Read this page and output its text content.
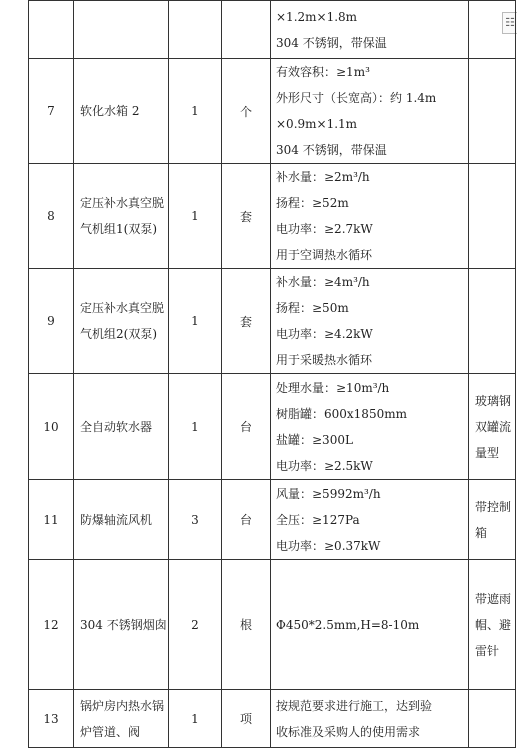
☷

				×1.2m×1.8m
304 不锈钢，带保温	

7	软化水箱 2	1	个	有效容积：≥1m³
外形尺寸（长宽高）：约 1.4m
×0.9m×1.1m
304 不锈钢，带保温	

8	定压补水真空脱气机组1(双泵)	1	套	补水量：≥2m³/h
扬程：≥52m
电功率：≥2.7kW
用于空调热水循环	

9	定压补水真空脱气机组2(双泵)	1	套	补水量：≥4m³/h
扬程：≥50m
电功率：≥4.2kW
用于采暖热水循环	

10	全自动软水器	1	台	处理水量：≥10m³/h
树脂罐：600x1850mm
盐罐：≥300L
电功率：≥2.5kW	玻璃钢双罐流量型
11	防爆轴流风机	3	台	风量：≥5992m³/h
全压：≥127Pa
电功率：≥0.37kW	带控制箱
12	304 不锈钢烟囱	2	根	Φ450*2.5mm,H=8-10m	带遮雨帽、避雷针
13	锅炉房内热水锅炉管道、阀	1	项	按规范要求进行施工，达到验
收标准及采购人的使用需求	
